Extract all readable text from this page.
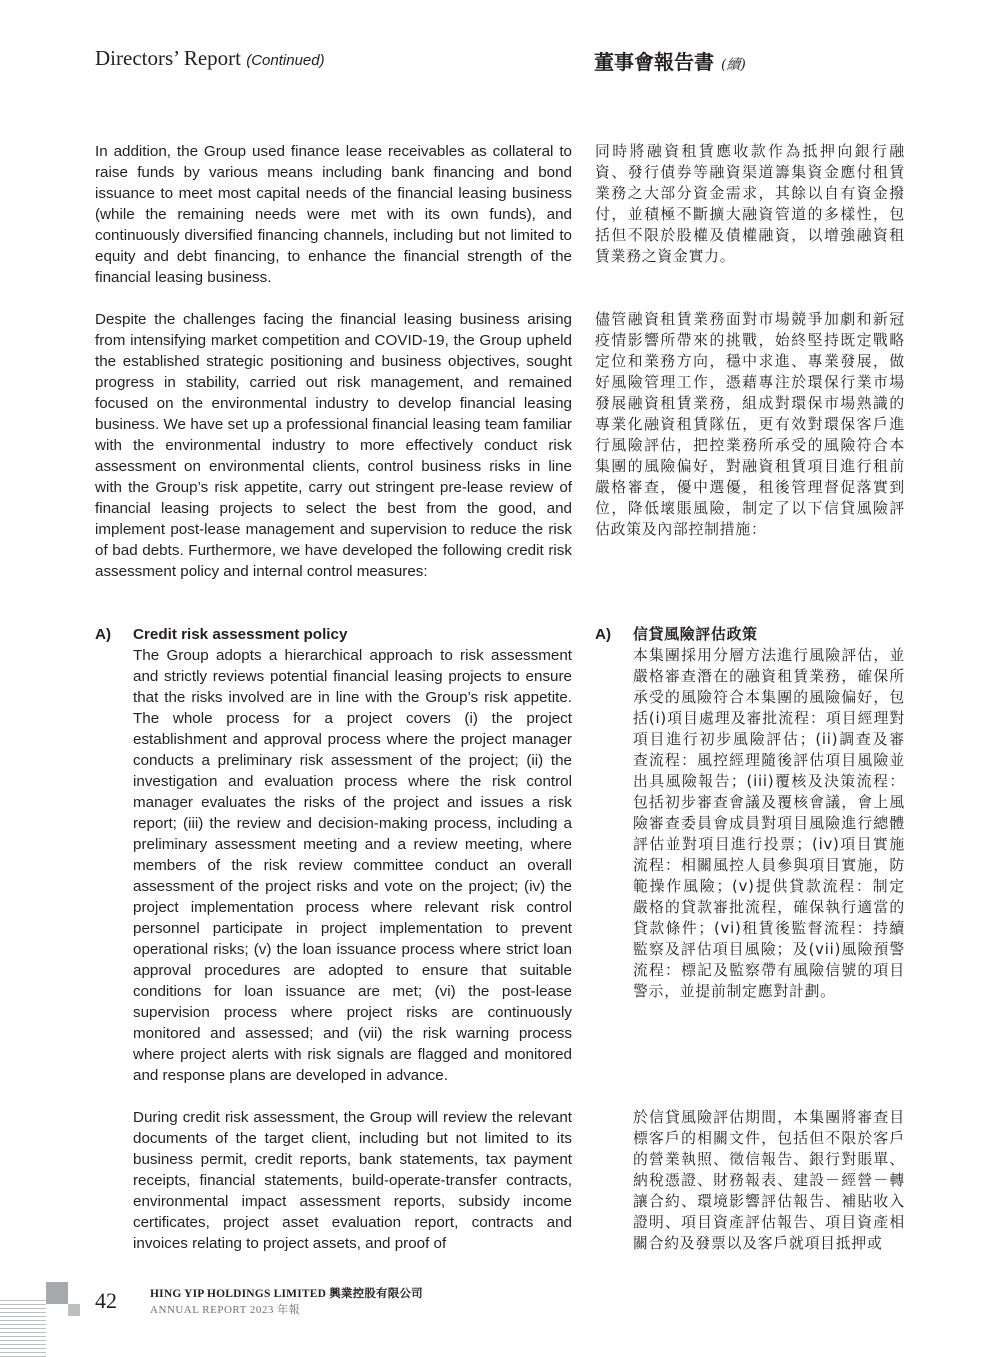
Directors’ Report (Continued)	董事會報告書 (續)

In addition, the Group used finance lease receivables as collateral to raise funds by various means including bank financing and bond issuance to meet most capital needs of the financial leasing business (while the remaining needs were met with its own funds), and continuously diversified financing channels, including but not limited to equity and debt financing, to enhance the financial strength of the financial leasing business.

同時將融資租賃應收款作為抵押向銀行融資、發行債券等融資渠道籌集資金應付租賃業務之大部分資金需求，其餘以自有資金撥付，並積極不斷擴大融資管道的多樣性，包括但不限於股權及債權融資，以增強融資租賃業務之資金實力。

Despite the challenges facing the financial leasing business arising from intensifying market competition and COVID-19, the Group upheld the established strategic positioning and business objectives, sought progress in stability, carried out risk management, and remained focused on the environmental industry to develop financial leasing business. We have set up a professional financial leasing team familiar with the environmental industry to more effectively conduct risk assessment on environmental clients, control business risks in line with the Group’s risk appetite, carry out stringent pre-lease review of financial leasing projects to select the best from the good, and implement post-lease management and supervision to reduce the risk of bad debts. Furthermore, we have developed the following credit risk assessment policy and internal control measures:

儘管融資租賃業務面對市場競爭加劇和新冠疫情影響所帶來的挑戰，始終堅持既定戰略定位和業務方向，穩中求進、專業發展，做好風險管理工作，憑藉專注於環保行業市場發展融資租賃業務，組成對環保市場熟識的專業化融資租賃隊伍，更有效對環保客戶進行風險評估，把控業務所承受的風險符合本集團的風險偏好，對融資租賃項目進行租前嚴格審查，優中選優，租後管理督促落實到位，降低壞賬風險，制定了以下信貸風險評估政策及內部控制措施：

A) Credit risk assessment policy
The Group adopts a hierarchical approach to risk assessment and strictly reviews potential financial leasing projects to ensure that the risks involved are in line with the Group’s risk appetite. The whole process for a project covers (i) the project establishment and approval process where the project manager conducts a preliminary risk assessment of the project; (ii) the investigation and evaluation process where the risk control manager evaluates the risks of the project and issues a risk report; (iii) the review and decision-making process, including a preliminary assessment meeting and a review meeting, where members of the risk review committee conduct an overall assessment of the project risks and vote on the project; (iv) the project implementation process where relevant risk control personnel participate in project implementation to prevent operational risks; (v) the loan issuance process where strict loan approval procedures are adopted to ensure that suitable conditions for loan issuance are met; (vi) the post-lease supervision process where project risks are continuously monitored and assessed; and (vii) the risk warning process where project alerts with risk signals are flagged and monitored and response plans are developed in advance.
A) 信貸風險評估政策
本集團採用分層方法進行風險評估，並嚴格審查潛在的融資租賃業務，確保所承受的風險符合本集團的風險偏好，包括(i)項目處理及審批流程：項目經理對項目進行初步風險評估；(ii)調查及審查流程：風控經理隨後評估項目風險並出具風險報告；(iii)覆核及決策流程：包括初步審查會議及覆核會議，會上風險審查委員會成員對項目風險進行總體評估並對項目進行投票；(iv)項目實施流程：相關風控人員參與項目實施，防範操作風險；(v)提供貸款流程：制定嚴格的貸款審批流程，確保執行適當的貸款條件；(vi)租賃後監督流程：持續監察及評估項目風險；及(vii)風險預警流程：標記及監察帶有風險信號的項目警示，並提前制定應對計劃。

During credit risk assessment, the Group will review the relevant documents of the target client, including but not limited to its business permit, credit reports, bank statements, tax payment receipts, financial statements, build-operate-transfer contracts, environmental impact assessment reports, subsidy income certificates, project asset evaluation report, contracts and invoices relating to project assets, and proof of

於信貸風險評估期間，本集團將審查目標客戶的相關文件，包括但不限於客戶的營業執照、徵信報告、銀行對賬單、納稅憑證、財務報表、建設－經營－轉讓合約、環境影響評估報告、補貼收入證明、項目資產評估報告、項目資產相關合約及發票以及客戶就項目抵押或

42	HING YIP HOLDINGS LIMITED 興業控股有限公司
ANNUAL REPORT 2023 年報
